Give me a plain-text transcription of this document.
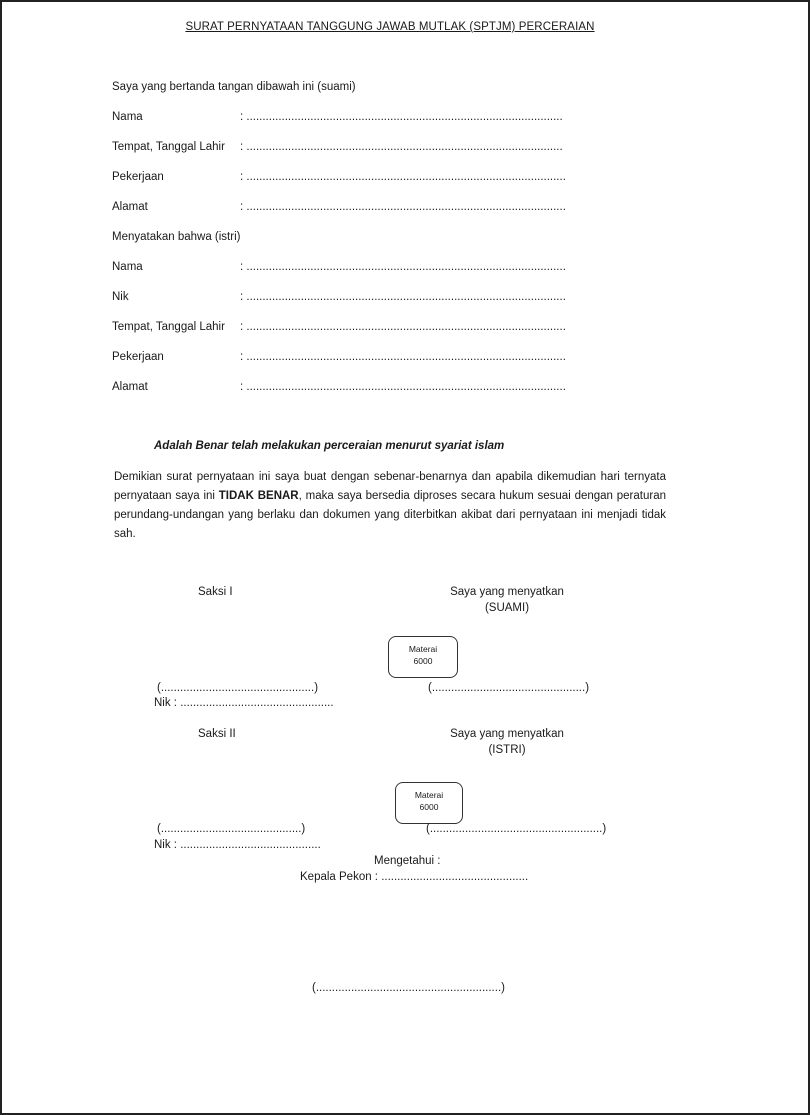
SURAT PERNYATAAN TANGGUNG JAWAB MUTLAK (SPTJM) PERCERAIAN
Saya yang bertanda tangan dibawah ini (suami)
Nama	: ...................................................................................................
Tempat, Tanggal Lahir : ...................................................................................................
Pekerjaan	: ....................................................................................................
Alamat	: ....................................................................................................
Menyatakan bahwa (istri)
Nama	: ....................................................................................................
Nik	: ....................................................................................................
Tempat, Tanggal Lahir : ....................................................................................................
Pekerjaan	: ....................................................................................................
Alamat	: ....................................................................................................
Adalah Benar telah melakukan perceraian menurut syariat islam
Demikian surat pernyataan ini saya buat dengan sebenar-benarnya dan apabila dikemudian hari ternyata pernyataan saya ini TIDAK BENAR, maka saya bersedia diproses secara hukum sesuai dengan peraturan perundang-undangan yang berlaku dan dokumen yang diterbitkan akibat dari pernyataan ini menjadi tidak sah.
Saksi I	Saya yang menyatkan
(SUAMI)
Materai
6000
(................................................)	(................................................)
Nik : ................................................
Saksi II	Saya yang menyatkan
(ISTRI)
Materai
6000
(............................................)	(......................................................)
Nik : ............................................
Mengetahui :
Kepala Pekon : ..............................................
(..........................................................)
